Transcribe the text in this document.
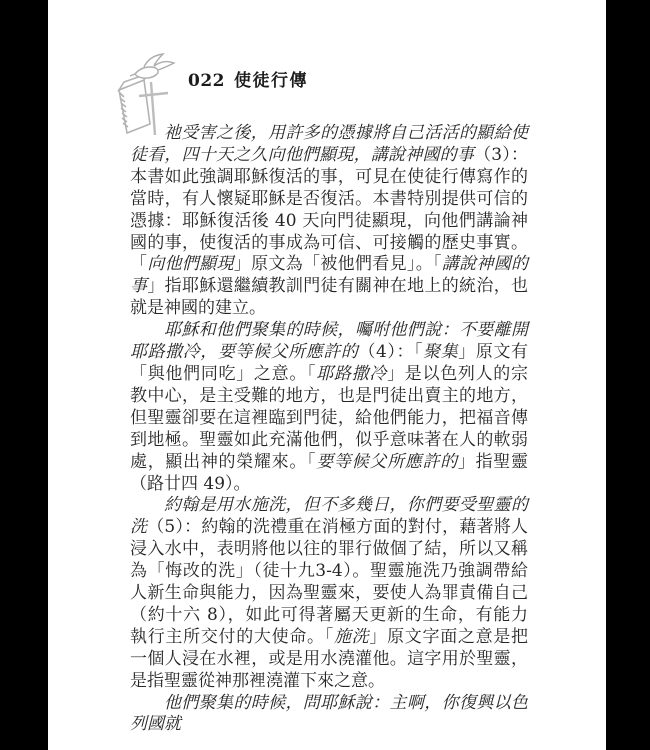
022 使徒行傳

祂受害之後，用許多的憑據將自己活活的顯給使徒看，四十天之久向他們顯現，講說神國的事（3）：本書如此強調耶穌復活的事，可見在使徒行傳寫作的當時，有人懷疑耶穌是否復活。本書特別提供可信的憑據：耶穌復活後 40 天向門徒顯現，向他們講論神國的事，使復活的事成為可信、可接觸的歷史事實。「向他們顯現」原文為「被他們看見」。「講說神國的事」指耶穌還繼續教訓門徒有關神在地上的統治，也就是神國的建立。

耶穌和他們聚集的時候，囑咐他們說：不要離開耶路撒冷，要等候父所應許的（4）：「聚集」原文有「與他們同吃」之意。「耶路撒冷」是以色列人的宗教中心，是主受難的地方，也是門徒出賣主的地方，但聖靈卻要在這裡臨到門徒，給他們能力，把福音傳到地極。聖靈如此充滿他們，似乎意味著在人的軟弱處，顯出神的榮耀來。「要等候父所應許的」指聖靈（路廿四 49）。

約翰是用水施洗，但不多幾日，你們要受聖靈的洗（5）：約翰的洗禮重在消極方面的對付，藉著將人浸入水中，表明將他以往的罪行做個了結，所以又稱為「悔改的洗」（徒十九3-4）。聖靈施洗乃強調帶給人新生命與能力，因為聖靈來，要使人為罪責備自己（約十六 8），如此可得著屬天更新的生命，有能力執行主所交付的大使命。「施洗」原文字面之意是把一個人浸在水裡，或是用水澆灌他。這字用於聖靈，是指聖靈從神那裡澆灌下來之意。

他們聚集的時候，問耶穌說：主啊，你復興以色列國就
